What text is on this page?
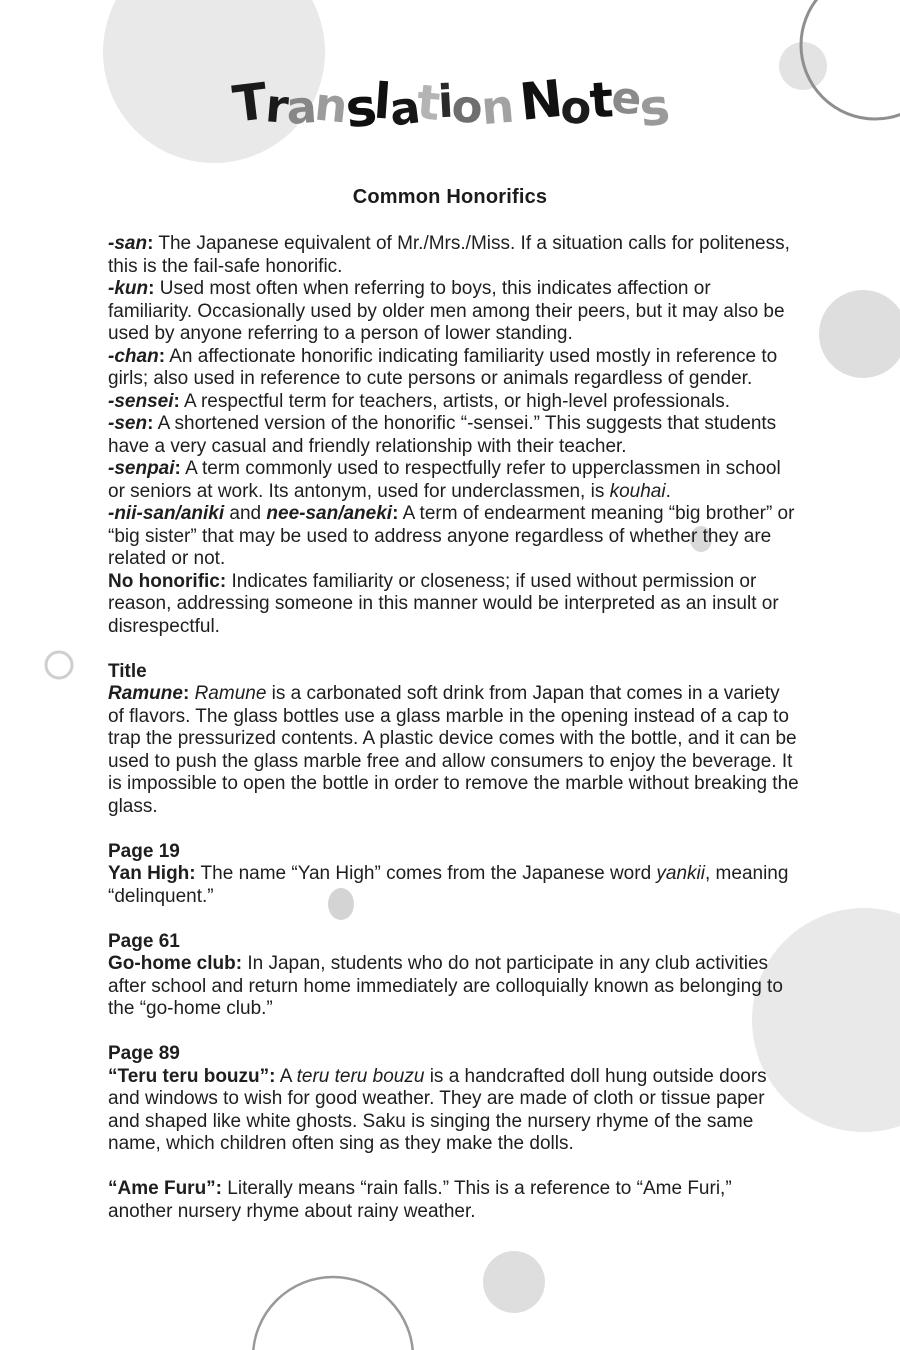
Translation Notes
Common Honorifics

-san: The Japanese equivalent of Mr./Mrs./Miss. If a situation calls for politeness, this is the fail-safe honorific.

-kun: Used most often when referring to boys, this indicates affection or familiarity. Occasionally used by older men among their peers, but it may also be used by anyone referring to a person of lower standing.

-chan: An affectionate honorific indicating familiarity used mostly in reference to girls; also used in reference to cute persons or animals regardless of gender.

-sensei: A respectful term for teachers, artists, or high-level professionals.

-sen: A shortened version of the honorific “-sensei.” This suggests that students have a very casual and friendly relationship with their teacher.

-senpai: A term commonly used to respectfully refer to upperclassmen in school or seniors at work. Its antonym, used for underclassmen, is kouhai.

-nii-san/aniki and nee-san/aneki: A term of endearment meaning “big brother” or “big sister” that may be used to address anyone regardless of whether they are related or not.

No honorific: Indicates familiarity or closeness; if used without permission or reason, addressing someone in this manner would be interpreted as an insult or disrespectful.

Title

Ramune: Ramune is a carbonated soft drink from Japan that comes in a variety of flavors. The glass bottles use a glass marble in the opening instead of a cap to trap the pressurized contents. A plastic device comes with the bottle, and it can be used to push the glass marble free and allow consumers to enjoy the beverage. It is impossible to open the bottle in order to remove the marble without breaking the glass.

Page 19

Yan High: The name “Yan High” comes from the Japanese word yankii, meaning “delinquent.”

Page 61

Go-home club: In Japan, students who do not participate in any club activities after school and return home immediately are colloquially known as belonging to the “go-home club.”

Page 89

“Teru teru bouzu”: A teru teru bouzu is a handcrafted doll hung outside doors and windows to wish for good weather. They are made of cloth or tissue paper and shaped like white ghosts. Saku is singing the nursery rhyme of the same name, which children often sing as they make the dolls.

“Ame Furu”: Literally means “rain falls.” This is a reference to “Ame Furi,” another nursery rhyme about rainy weather.
